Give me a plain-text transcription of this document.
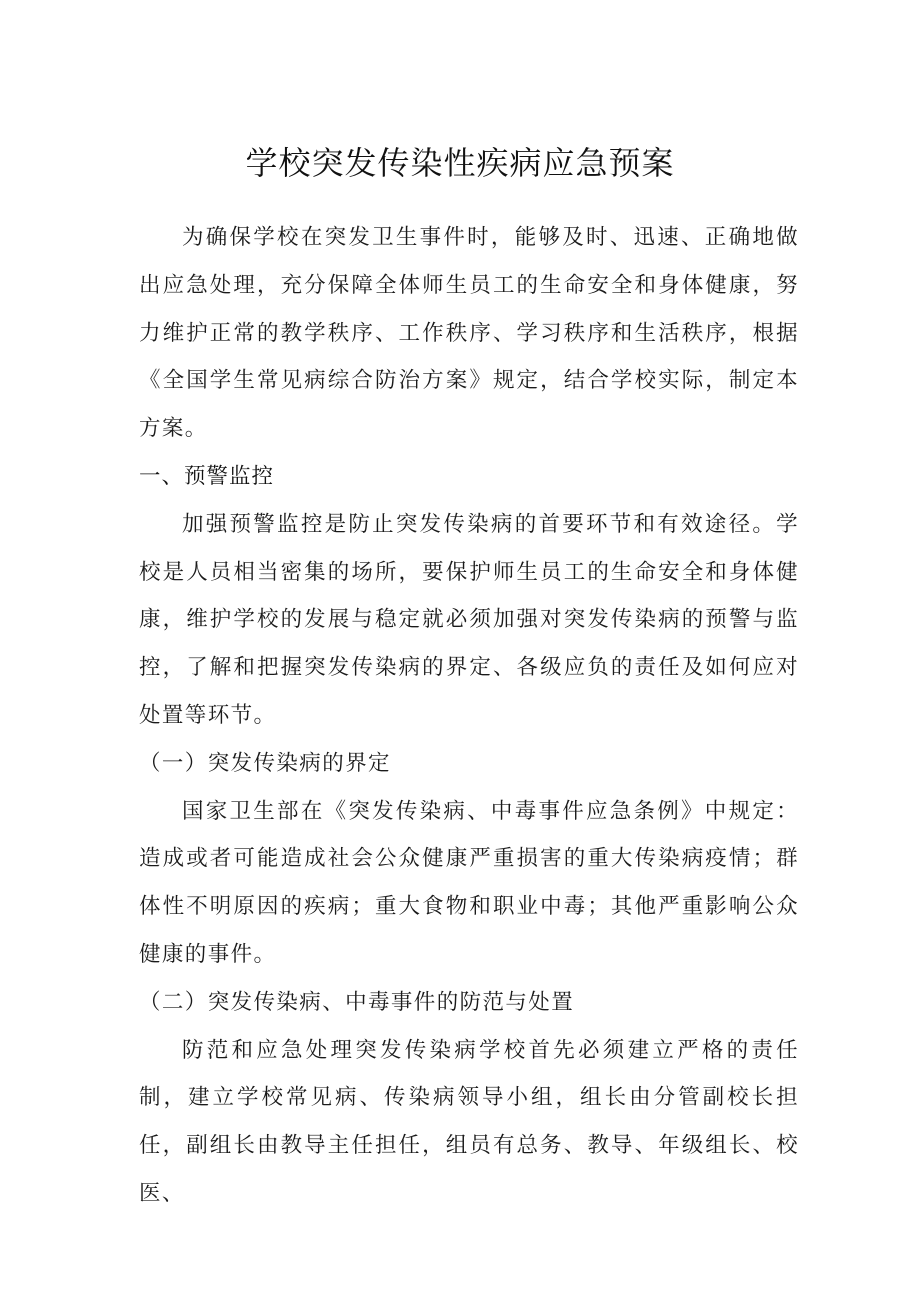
学校突发传染性疾病应急预案

为确保学校在突发卫生事件时，能够及时、迅速、正确地做出应急处理，充分保障全体师生员工的生命安全和身体健康，努力维护正常的教学秩序、工作秩序、学习秩序和生活秩序，根据《全国学生常见病综合防治方案》规定，结合学校实际，制定本方案。

一、预警监控

加强预警监控是防止突发传染病的首要环节和有效途径。学校是人员相当密集的场所，要保护师生员工的生命安全和身体健康，维护学校的发展与稳定就必须加强对突发传染病的预警与监控，了解和把握突发传染病的界定、各级应负的责任及如何应对处置等环节。

（一）突发传染病的界定

国家卫生部在《突发传染病、中毒事件应急条例》中规定：造成或者可能造成社会公众健康严重损害的重大传染病疫情；群体性不明原因的疾病；重大食物和职业中毒；其他严重影响公众健康的事件。

（二）突发传染病、中毒事件的防范与处置

防范和应急处理突发传染病学校首先必须建立严格的责任制，建立学校常见病、传染病领导小组，组长由分管副校长担任，副组长由教导主任担任，组员有总务、教导、年级组长、校医、
